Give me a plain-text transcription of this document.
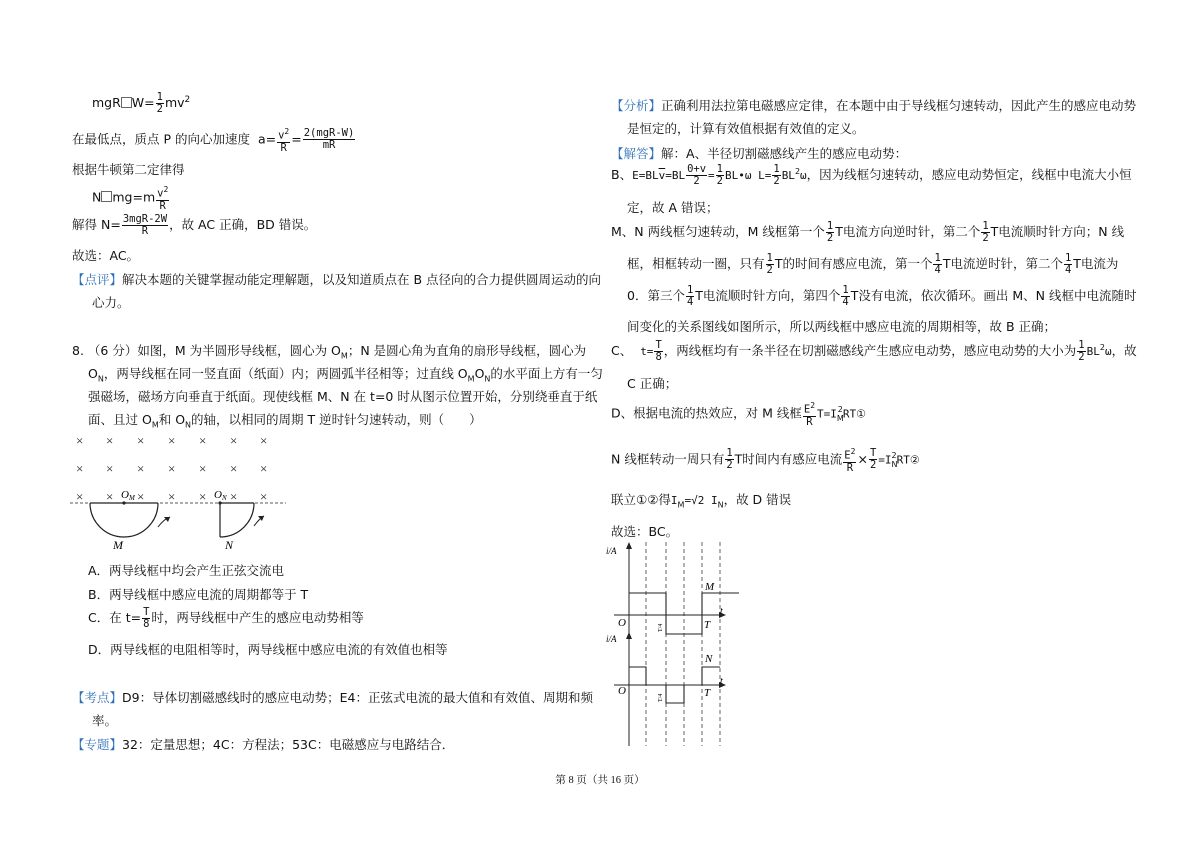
mgR $W= \frac{1}{2} mv^2$
在最低点，质点 P 的向心加速度 $a= \frac{v^2}{R} = \frac{\text{2(mgR-W)}}{mR}$
根据牛顿第二定律得
N $mg=m \frac{v^2}{R}$
解得 $N= \frac{\text{3mgR-2W}}{R}$ ，故 AC 正确，BD 错误。
故选：AC。
【点评】解决本题的关键掌握动能定理解题，以及知道质点在 B 点径向的合力提供圆周运动的向
心力。
8. （6 分）如图，M 为半圆形导线框，圆心为 $O_M$；N 是圆心角为直角的扇形导线框，圆心为
$O_N$，两导线框在同一竖直面（纸面）内；两圆弧半径相等；过直线 $O_MO_N$的水平面上方有一匀
强磁场，磁场方向垂直于纸面。现使线框 M、N 在 t=0 时从图示位置开始，分别绕垂直于纸
面、且过 $O_M$和 $O_N$的轴，以相同的周期 T 逆时针匀速转动，则（　　）
× × × × × × ×
× × × × × × ×
× × × × × × ×
OM	ON
M	N
A．两导线框中均会产生正弦交流电
B．两导线框中感应电流的周期都等于 T
C．在 $t= \frac{T}{8}$ 时，两导线框中产生的感应电动势相等
D．两导线框的电阻相等时，两导线框中感应电流的有效值也相等
【考点】D9：导体切割磁感线时的感应电动势；E4：正弦式电流的最大值和有效值、周期和频
率。
【专题】32：定量思想；4C：方程法；53C：电磁感应与电路结合．
【分析】正确利用法拉第电磁感应定律，在本题中由于导线框匀速转动，因此产生的感应电动势
是恒定的，计算有效值根据有效值的定义。
【解答】解：A、半径切割磁感线产生的感应电动势：
B、$E=BL\overline{v}=BL \frac{0+v}{2} = \frac{1}{2}$ BL•ω $L= \frac{1}{2} BL^2\omega$，因为线框匀速转动，感应电动势恒定，线框中电流大小恒
定，故 A 错误；
M、N 两线框匀速转动，M 线框第一个 $\frac{1}{2}$ T电流方向逆时针，第二个 $\frac{1}{2}$ T电流顺时针方向；N 线
框，相框转动一圈，只有 $\frac{1}{2}$ T的时间有感应电流，第一个 $\frac{1}{4}$ T电流逆时针，第二个 $\frac{1}{4}$ T电流为
0．第三个 $\frac{1}{4}$ T电流顺时针方向，第四个 $\frac{1}{4}$ T没有电流，依次循环。画出 M、N 线框中电流随时
间变化的关系图线如图所示，所以两线框中感应电流的周期相等，故 B 正确；
C、 $t= \frac{T}{8}$ ，两线框均有一条半径在切割磁感线产生感应电动势，感应电动势的大小为 $\frac{1}{2} BL^2\omega$，故
C 正确；
D、根据电流的热效应，对 M 线框 $\frac{E^2}{R}$ $T=I_M^2RT①$
N 线框转动一周只有 $\frac{1}{2}$ T时间内有感应电流 $\frac{E^2}{R} \times \frac{T}{2}$ $=I_N^2RT②$
联立①②得$I_M=√2$ $I_N$，故 D 错误
故选：BC。
i/A
i/A
M
N
O
O
T
T
t
t
T/4
T/4
第 8 页（共 16 页）
